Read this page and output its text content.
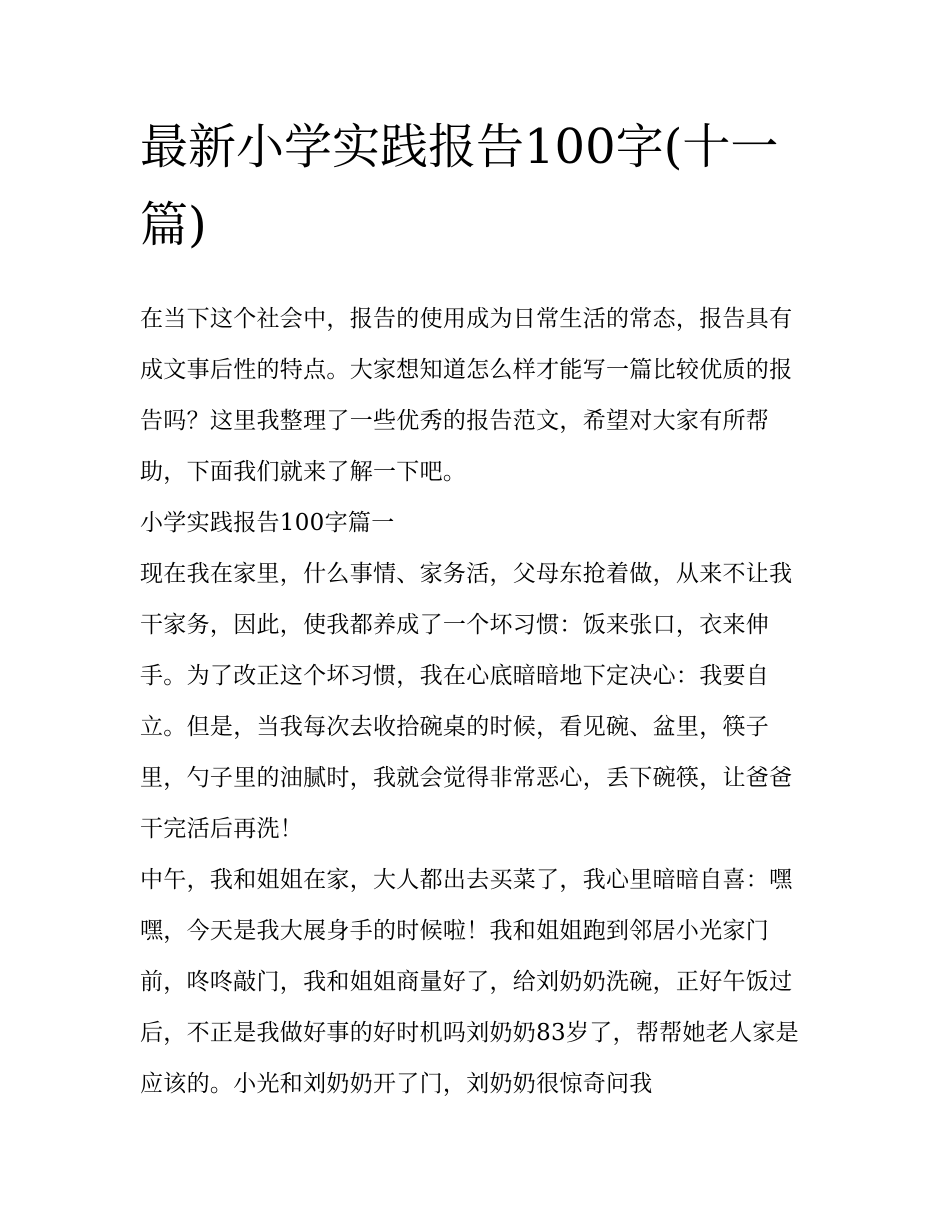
最新小学实践报告100字(十一篇)

在当下这个社会中，报告的使用成为日常生活的常态，报告具有成文事后性的特点。大家想知道怎么样才能写一篇比较优质的报告吗？这里我整理了一些优秀的报告范文，希望对大家有所帮助，下面我们就来了解一下吧。

小学实践报告100字篇一

现在我在家里，什么事情、家务活，父母东抢着做，从来不让我干家务，因此，使我都养成了一个坏习惯：饭来张口，衣来伸手。为了改正这个坏习惯，我在心底暗暗地下定决心：我要自立。但是，当我每次去收拾碗桌的时候，看见碗、盆里，筷子里，勺子里的油腻时，我就会觉得非常恶心，丢下碗筷，让爸爸干完活后再洗！

中午，我和姐姐在家，大人都出去买菜了，我心里暗暗自喜：嘿嘿，今天是我大展身手的时候啦！我和姐姐跑到邻居小光家门前，咚咚敲门，我和姐姐商量好了，给刘奶奶洗碗，正好午饭过后，不正是我做好事的好时机吗刘奶奶83岁了，帮帮她老人家是应该的。小光和刘奶奶开了门，刘奶奶很惊奇问我
